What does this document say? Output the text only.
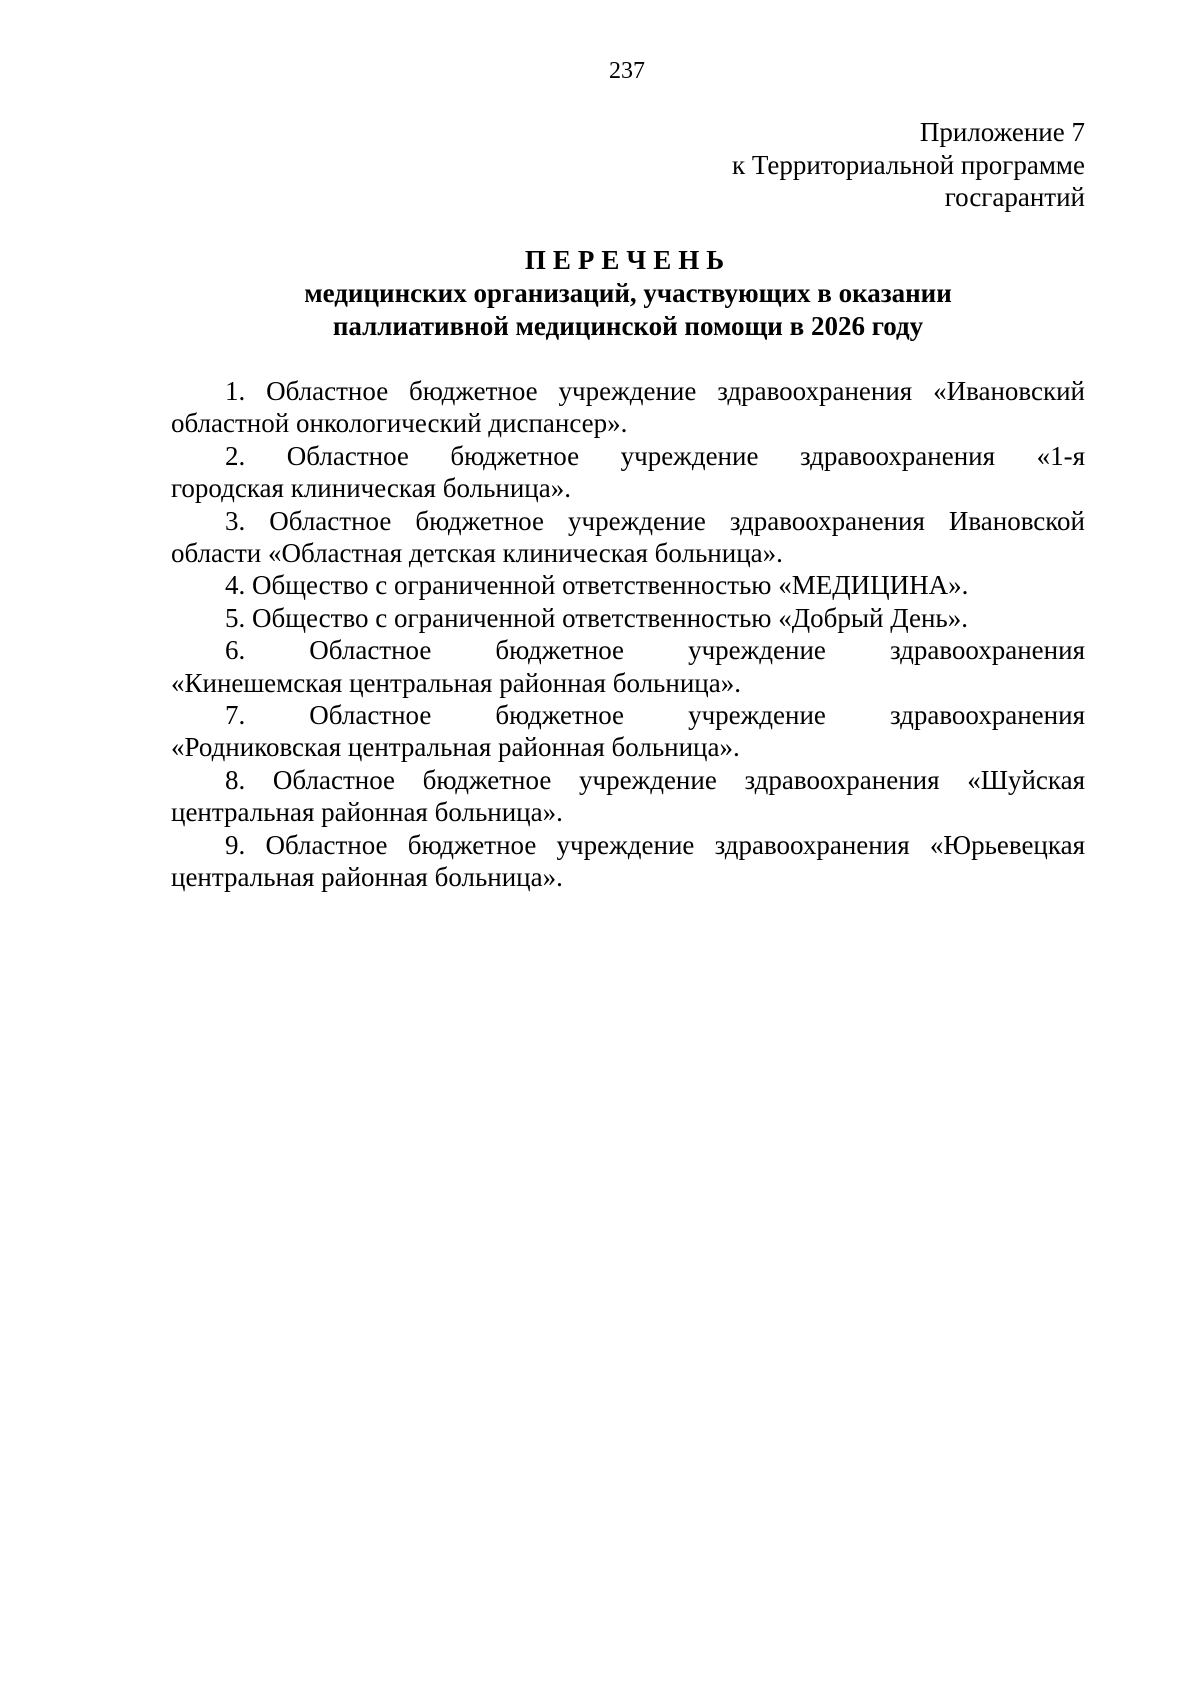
237
Приложение 7
к Территориальной программе
госгарантий
ПЕРЕЧЕНЬ
медицинских организаций, участвующих в оказании
паллиативной медицинской помощи в 2026 году
1. Областное бюджетное учреждение здравоохранения «Ивановский
областной онкологический диспансер».
2. Областное бюджетное учреждение здравоохранения «1-я
городская клиническая больница».
3. Областное бюджетное учреждение здравоохранения Ивановской
области «Областная детская клиническая больница».
4. Общество с ограниченной ответственностью «МЕДИЦИНА».
5. Общество с ограниченной ответственностью «Добрый День».
6. Областное бюджетное учреждение здравоохранения
«Кинешемская центральная районная больница».
7. Областное бюджетное учреждение здравоохранения
«Родниковская центральная районная больница».
8. Областное бюджетное учреждение здравоохранения «Шуйская
центральная районная больница».
9. Областное бюджетное учреждение здравоохранения «Юрьевецкая
центральная районная больница».
